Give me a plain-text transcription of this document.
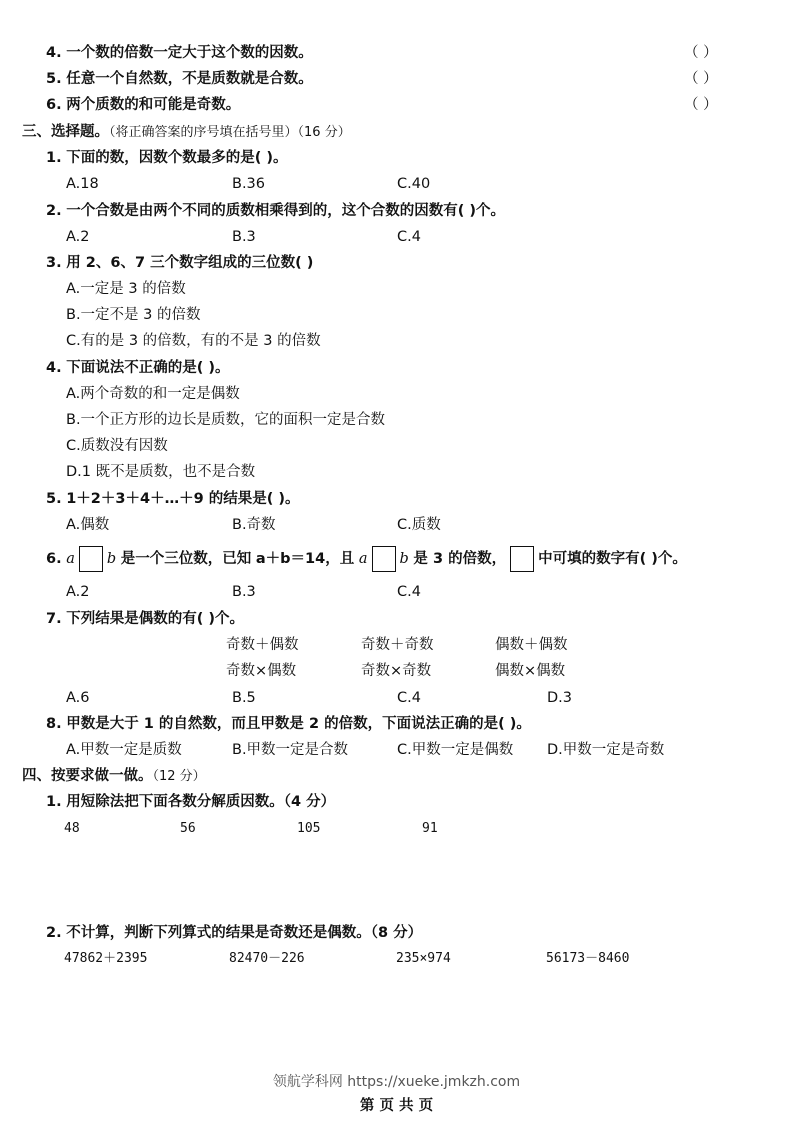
4. 一个数的倍数一定大于这个数的因数。	（ ）
5. 任意一个自然数，不是质数就是合数。	（ ）
6. 两个质数的和可能是奇数。	（ ）
三、选择题。（将正确答案的序号填在括号里）（16 分）
1. 下面的数，因数个数最多的是( )。
A.18	B.36	C.40
2. 一个合数是由两个不同的质数相乘得到的，这个合数的因数有( )个。
A.2	B.3	C.4
3. 用 2、6、7 三个数字组成的三位数( )
A.一定是 3 的倍数
B.一定不是 3 的倍数
C.有的是 3 的倍数，有的不是 3 的倍数
4. 下面说法不正确的是( )。
A.两个奇数的和一定是偶数
B.一个正方形的边长是质数，它的面积一定是合数
C.质数没有因数
D.1 既不是质数，也不是合数
5. 1＋2＋3＋4＋…＋9 的结果是( )。
A.偶数	B.奇数	C.质数
6. a b 是一个三位数，已知 a＋b＝14，且 a b 是 3 的倍数， 中可填的数字有( )个。
A.2	B.3	C.4
7. 下列结果是偶数的有( )个。
奇数＋偶数	奇数＋奇数	偶数＋偶数
奇数×偶数	奇数×奇数	偶数×偶数
A.6	B.5	C.4	D.3
8. 甲数是大于 1 的自然数，而且甲数是 2 的倍数，下面说法正确的是( )。
A.甲数一定是质数	B.甲数一定是合数	C.甲数一定是偶数 D.甲数一定是奇数
四、按要求做一做。（12 分）
1. 用短除法把下面各数分解质因数。（4 分）
48	56	105	91
2. 不计算，判断下列算式的结果是奇数还是偶数。（8 分）
47862＋2395	82470－226	235×974	56173－8460
领航学科网 https://xueke.jmkzh.com
第 页 共 页
